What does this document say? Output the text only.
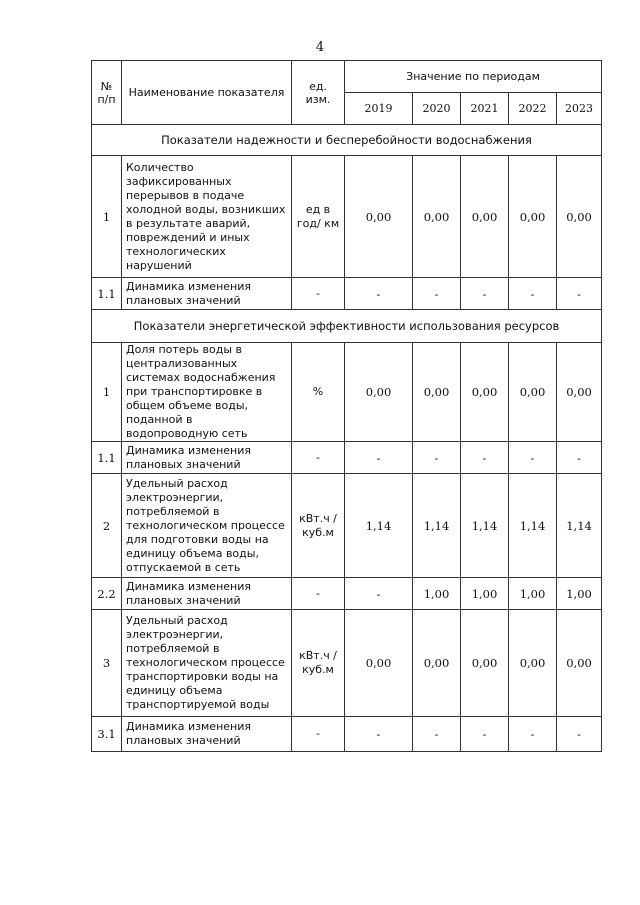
4
№ п/п	Наименование показателя	ед. изм.	Значение по периодам				
			2019	2020	2021	2022	2023
Показатели надежности и бесперебойности водоснабжения							
1	Количество зафиксированных перерывов в подаче холодной воды, возникших в результате аварий, повреждений и иных технологических нарушений	ед в год/ км	0,00	0,00	0,00	0,00	0,00
1.1	Динамика изменения плановых значений	-	-	-	-	-	-
Показатели энергетической эффективности использования ресурсов							
1	Доля потерь воды в централизованных системах водоснабжения при транспортировке в общем объеме воды, поданной в водопроводную сеть	%	0,00	0,00	0,00	0,00	0,00
1.1	Динамика изменения плановых значений	-	-	-	-	-	-
2	Удельный расход электроэнергии, потребляемой в технологическом процессе для подготовки воды на единицу объема воды, отпускаемой в сеть	кВт.ч / куб.м	1,14	1,14	1,14	1,14	1,14
2.2	Динамика изменения плановых значений	-	-	1,00	1,00	1,00	1,00
3	Удельный расход электроэнергии, потребляемой в технологическом процессе транспортировки воды на единицу объема транспортируемой воды	кВт.ч / куб.м	0,00	0,00	0,00	0,00	0,00
3.1	Динамика изменения плановых значений	-	-	-	-	-	-
